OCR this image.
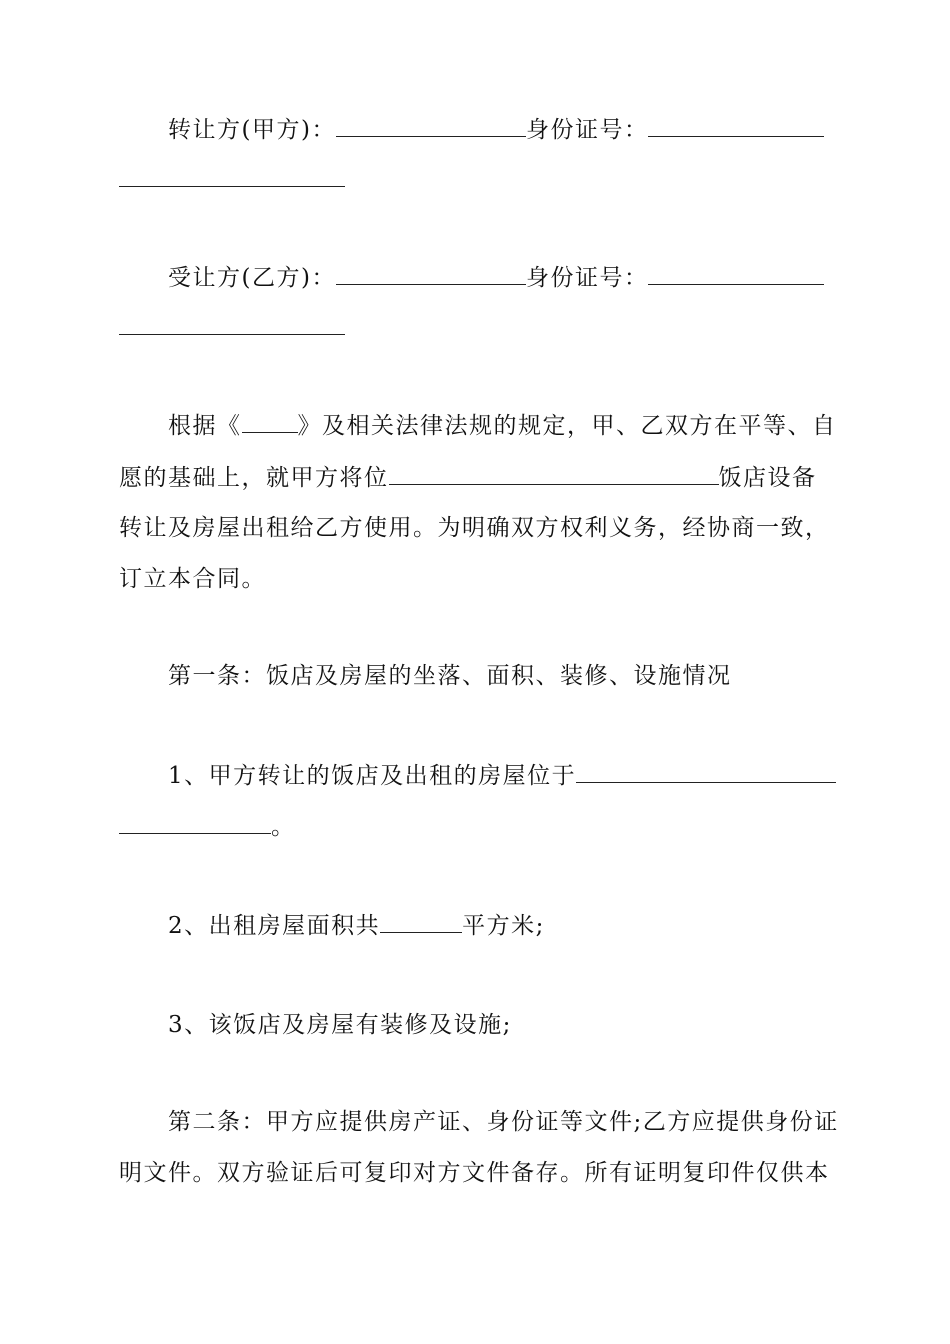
转让方(甲方)：	身份证号：
受让方(乙方)：	身份证号：
根据《 》及相关法律法规的规定，甲、乙双方在平等、自
愿的基础上，就甲方将位	饭店设备
转让及房屋出租给乙方使用。为明确双方权利义务，经协商一致，
订立本合同。
第一条：饭店及房屋的坐落、面积、装修、设施情况
1、甲方转让的饭店及出租的房屋位于
。
2、出租房屋面积共	平方米;
3、该饭店及房屋有装修及设施;
第二条：甲方应提供房产证、身份证等文件;乙方应提供身份证
明文件。双方验证后可复印对方文件备存。所有证明复印件仅供本
